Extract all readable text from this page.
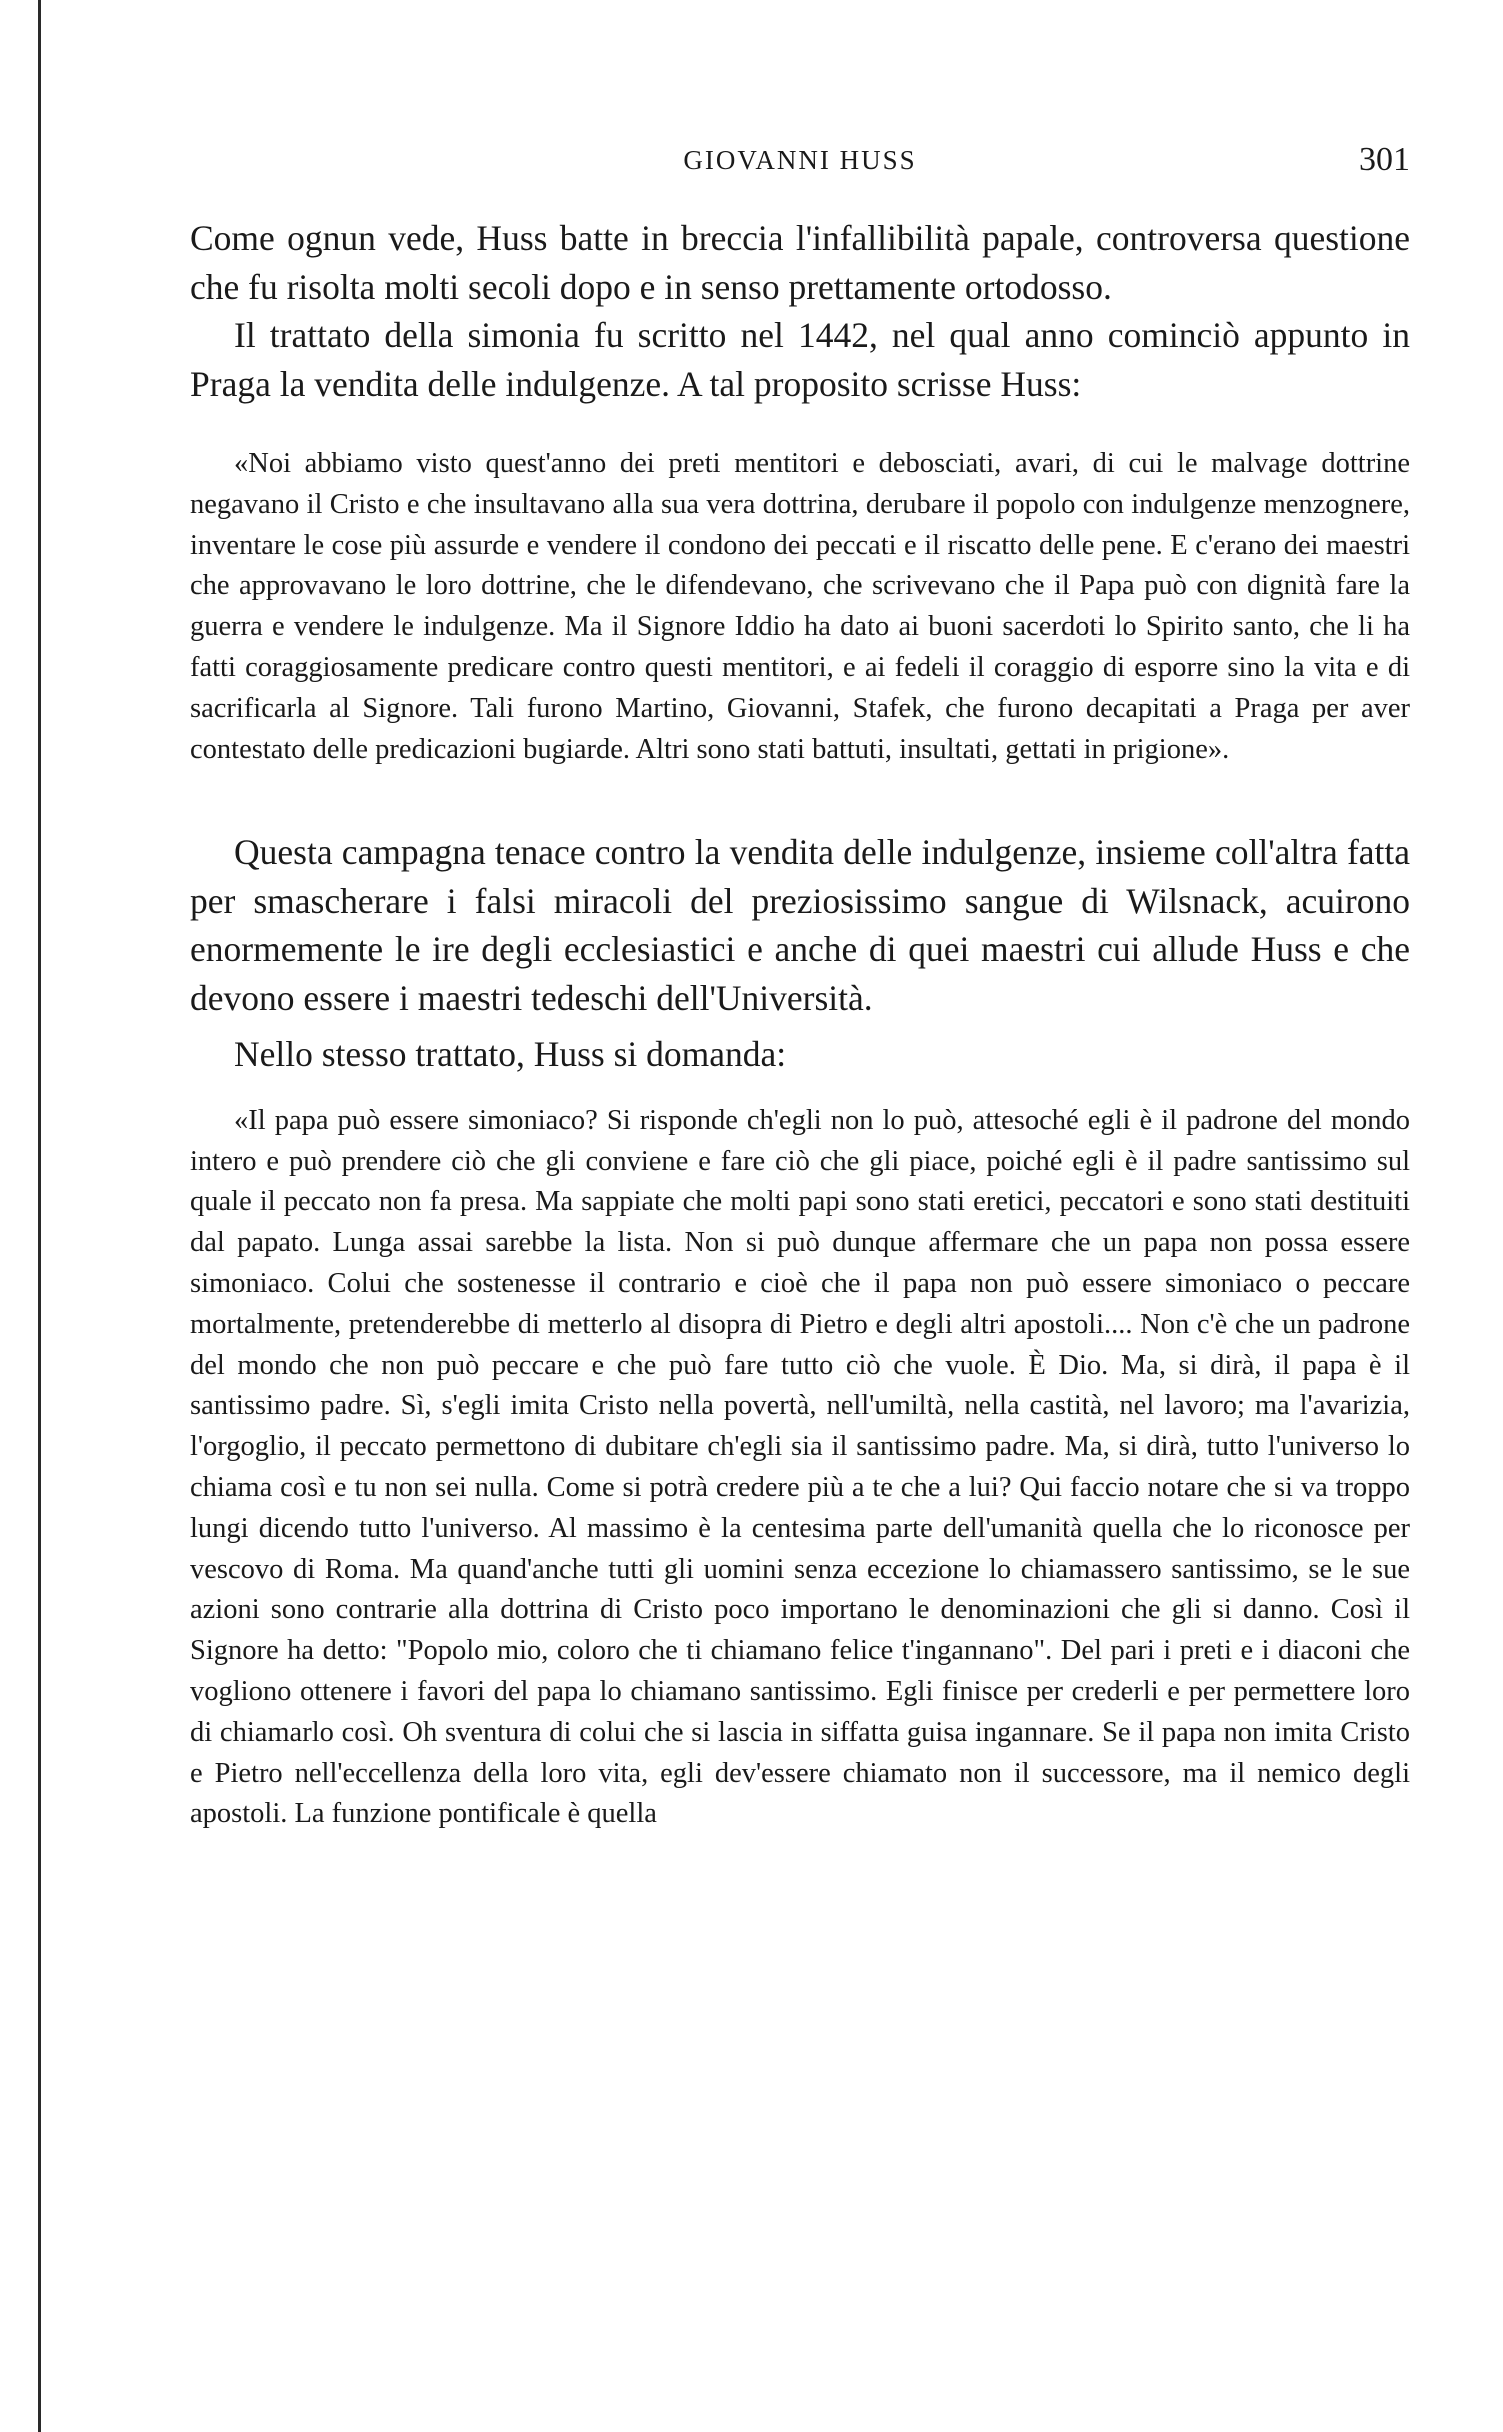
GIOVANNI HUSS	301

Come ognun vede, Huss batte in breccia l'infallibilità papale, controversa questione che fu risolta molti secoli dopo e in senso prettamente ortodosso.

Il trattato della simonia fu scritto nel 1442, nel qual anno cominciò appunto in Praga la vendita delle indulgenze. A tal proposito scrisse Huss:

«Noi abbiamo visto quest'anno dei preti mentitori e debosciati, avari, di cui le malvage dottrine negavano il Cristo e che insultavano alla sua vera dottrina, derubare il popolo con indulgenze menzognere, inventare le cose più assurde e vendere il condono dei peccati e il riscatto delle pene. E c'erano dei maestri che approvavano le loro dottrine, che le difendevano, che scrivevano che il Papa può con dignità fare la guerra e vendere le indulgenze. Ma il Signore Iddio ha dato ai buoni sacerdoti lo Spirito santo, che li ha fatti coraggiosamente predicare contro questi mentitori, e ai fedeli il coraggio di esporre sino la vita e di sacrificarla al Signore. Tali furono Martino, Giovanni, Stafek, che furono decapitati a Praga per aver contestato delle predicazioni bugiarde. Altri sono stati battuti, insultati, gettati in prigione».

Questa campagna tenace contro la vendita delle indulgenze, insieme coll'altra fatta per smascherare i falsi miracoli del preziosissimo sangue di Wilsnack, acuirono enormemente le ire degli ecclesiastici e anche di quei maestri cui allude Huss e che devono essere i maestri tedeschi dell'Università.

Nello stesso trattato, Huss si domanda:

«Il papa può essere simoniaco? Si risponde ch'egli non lo può, attesoché egli è il padrone del mondo intero e può prendere ciò che gli conviene e fare ciò che gli piace, poiché egli è il padre santissimo sul quale il peccato non fa presa. Ma sappiate che molti papi sono stati eretici, peccatori e sono stati destituiti dal papato. Lunga assai sarebbe la lista. Non si può dunque affermare che un papa non possa essere simoniaco. Colui che sostenesse il contrario e cioè che il papa non può essere simoniaco o peccare mortalmente, pretenderebbe di metterlo al disopra di Pietro e degli altri apostoli.... Non c'è che un padrone del mondo che non può peccare e che può fare tutto ciò che vuole. È Dio. Ma, si dirà, il papa è il santissimo padre. Sì, s'egli imita Cristo nella povertà, nell'umiltà, nella castità, nel lavoro; ma l'avarizia, l'orgoglio, il peccato permettono di dubitare ch'egli sia il santissimo padre. Ma, si dirà, tutto l'universo lo chiama così e tu non sei nulla. Come si potrà credere più a te che a lui? Qui faccio notare che si va troppo lungi dicendo tutto l'universo. Al massimo è la centesima parte dell'umanità quella che lo riconosce per vescovo di Roma. Ma quand'anche tutti gli uomini senza eccezione lo chiamassero santissimo, se le sue azioni sono contrarie alla dottrina di Cristo poco importano le denominazioni che gli si danno. Così il Signore ha detto: "Popolo mio, coloro che ti chiamano felice t'ingannano". Del pari i preti e i diaconi che vogliono ottenere i favori del papa lo chiamano santissimo. Egli finisce per crederli e per permettere loro di chiamarlo così. Oh sventura di colui che si lascia in siffatta guisa ingannare. Se il papa non imita Cristo e Pietro nell'eccellenza della loro vita, egli dev'essere chiamato non il successore, ma il nemico degli apostoli. La funzione pontificale è quella
